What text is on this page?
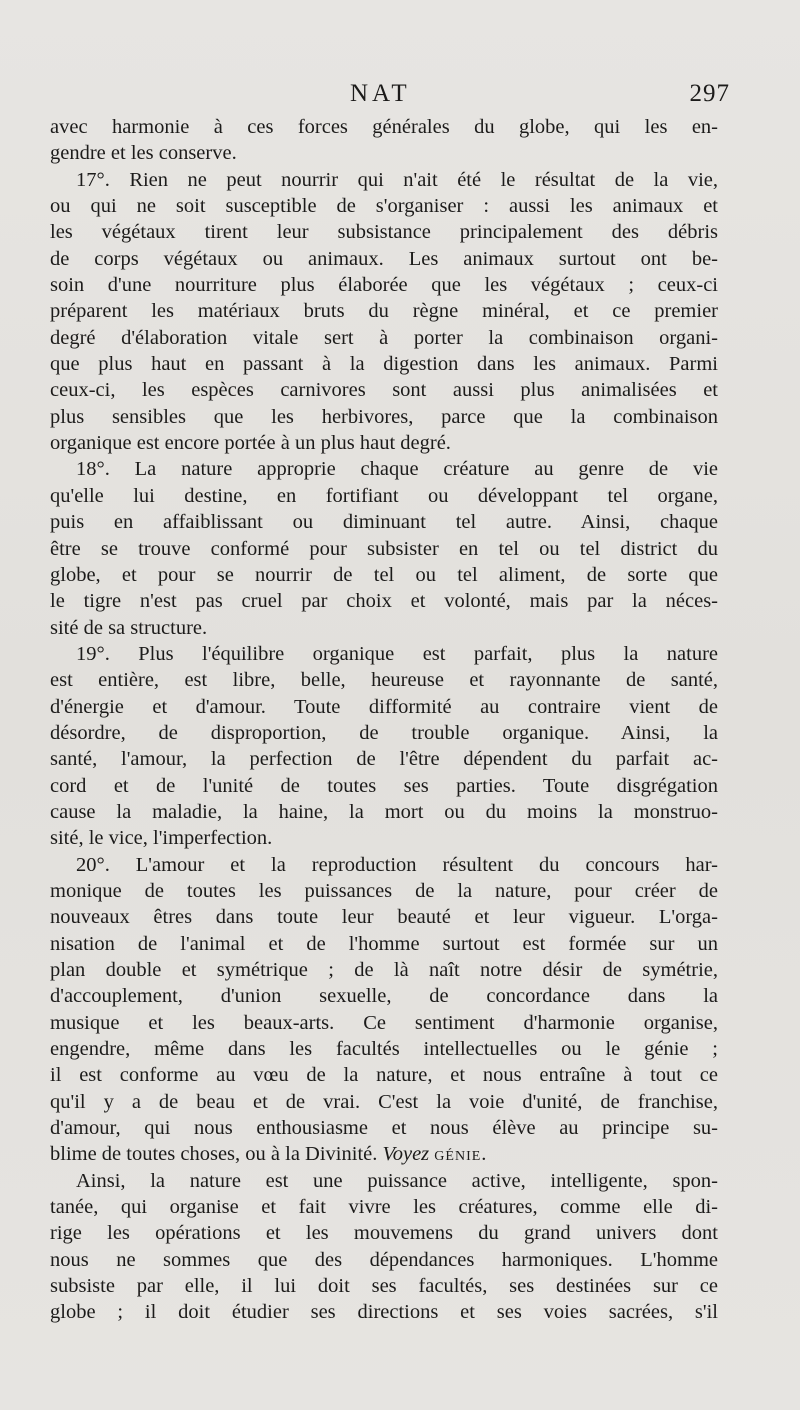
NAT	297
avec harmonie à ces forces générales du globe, qui les en-
gendre et les conserve.
17°. Rien ne peut nourrir qui n'ait été le résultat de la vie,
ou qui ne soit susceptible de s'organiser : aussi les animaux et
les végétaux tirent leur subsistance principalement des débris
de corps végétaux ou animaux. Les animaux surtout ont be-
soin d'une nourriture plus élaborée que les végétaux ; ceux-ci
préparent les matériaux bruts du règne minéral, et ce premier
degré d'élaboration vitale sert à porter la combinaison organi-
que plus haut en passant à la digestion dans les animaux. Parmi
ceux-ci, les espèces carnivores sont aussi plus animalisées et
plus sensibles que les herbivores, parce que la combinaison
organique est encore portée à un plus haut degré.
18°. La nature approprie chaque créature au genre de vie
qu'elle lui destine, en fortifiant ou développant tel organe,
puis en affaiblissant ou diminuant tel autre. Ainsi, chaque
être se trouve conformé pour subsister en tel ou tel district du
globe, et pour se nourrir de tel ou tel aliment, de sorte que
le tigre n'est pas cruel par choix et volonté, mais par la néces-
sité de sa structure.
19°. Plus l'équilibre organique est parfait, plus la nature
est entière, est libre, belle, heureuse et rayonnante de santé,
d'énergie et d'amour. Toute difformité au contraire vient de
désordre, de disproportion, de trouble organique. Ainsi, la
santé, l'amour, la perfection de l'être dépendent du parfait ac-
cord et de l'unité de toutes ses parties. Toute disgrégation
cause la maladie, la haine, la mort ou du moins la monstruo-
sité, le vice, l'imperfection.
20°. L'amour et la reproduction résultent du concours har-
monique de toutes les puissances de la nature, pour créer de
nouveaux êtres dans toute leur beauté et leur vigueur. L'orga-
nisation de l'animal et de l'homme surtout est formée sur un
plan double et symétrique ; de là naît notre désir de symétrie,
d'accouplement, d'union sexuelle, de concordance dans la
musique et les beaux-arts. Ce sentiment d'harmonie organise,
engendre, même dans les facultés intellectuelles ou le génie ;
il est conforme au vœu de la nature, et nous entraîne à tout ce
qu'il y a de beau et de vrai. C'est la voie d'unité, de franchise,
d'amour, qui nous enthousiasme et nous élève au principe su-
blime de toutes choses, ou à la Divinité. Voyez génie.
Ainsi, la nature est une puissance active, intelligente, spon-
tanée, qui organise et fait vivre les créatures, comme elle di-
rige les opérations et les mouvemens du grand univers dont
nous ne sommes que des dépendances harmoniques. L'homme
subsiste par elle, il lui doit ses facultés, ses destinées sur ce
globe ; il doit étudier ses directions et ses voies sacrées, s'il
